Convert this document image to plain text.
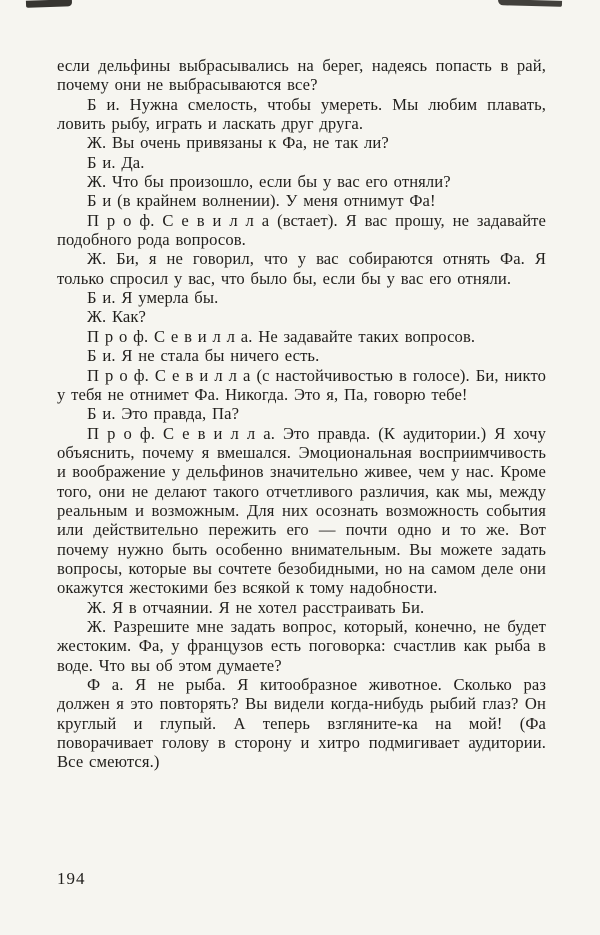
если дельфины выбрасывались на берег, надеясь попасть в рай, почему они не выбрасываются все?

Б и. Нужна смелость, чтобы умереть. Мы любим плавать, ловить рыбу, играть и ласкать друг друга.

Ж. Вы очень привязаны к Фа, не так ли?

Б и. Да.

Ж. Что бы произошло, если бы у вас его отняли?

Б и (в крайнем волнении). У меня отнимут Фа!

П р о ф. С е в и л л а (встает). Я вас прошу, не задавайте подобного рода вопросов.

Ж. Би, я не говорил, что у вас собираются отнять Фа. Я только спросил у вас, что было бы, если бы у вас его отняли.

Б и. Я умерла бы.

Ж. Как?

П р о ф. С е в и л л а. Не задавайте таких вопросов.

Б и. Я не стала бы ничего есть.

П р о ф. С е в и л л а (с настойчивостью в голосе). Би, никто у тебя не отнимет Фа. Никогда. Это я, Па, говорю тебе!

Б и. Это правда, Па?

П р о ф. С е в и л л а. Это правда. (К аудитории.) Я хочу объяснить, почему я вмешался. Эмоциональная восприимчивость и воображение у дельфинов значительно живее, чем у нас. Кроме того, они не делают такого отчетливого различия, как мы, между реальным и возможным. Для них осознать возможность события или действительно пережить его — почти одно и то же. Вот почему нужно быть особенно внимательным. Вы можете задать вопросы, которые вы сочтете безобидными, но на самом деле они окажутся жестокими без всякой к тому надобности.

Ж. Я в отчаянии. Я не хотел расстраивать Би.

Ж. Разрешите мне задать вопрос, который, конечно, не будет жестоким. Фа, у французов есть поговорка: счастлив как рыба в воде. Что вы об этом думаете?

Ф а. Я не рыба. Я китообразное животное. Сколько раз должен я это повторять? Вы видели когда-нибудь рыбий глаз? Он круглый и глупый. А теперь взгляните-ка на мой! (Фа поворачивает голову в сторону и хитро подмигивает аудитории. Все смеются.)

194
